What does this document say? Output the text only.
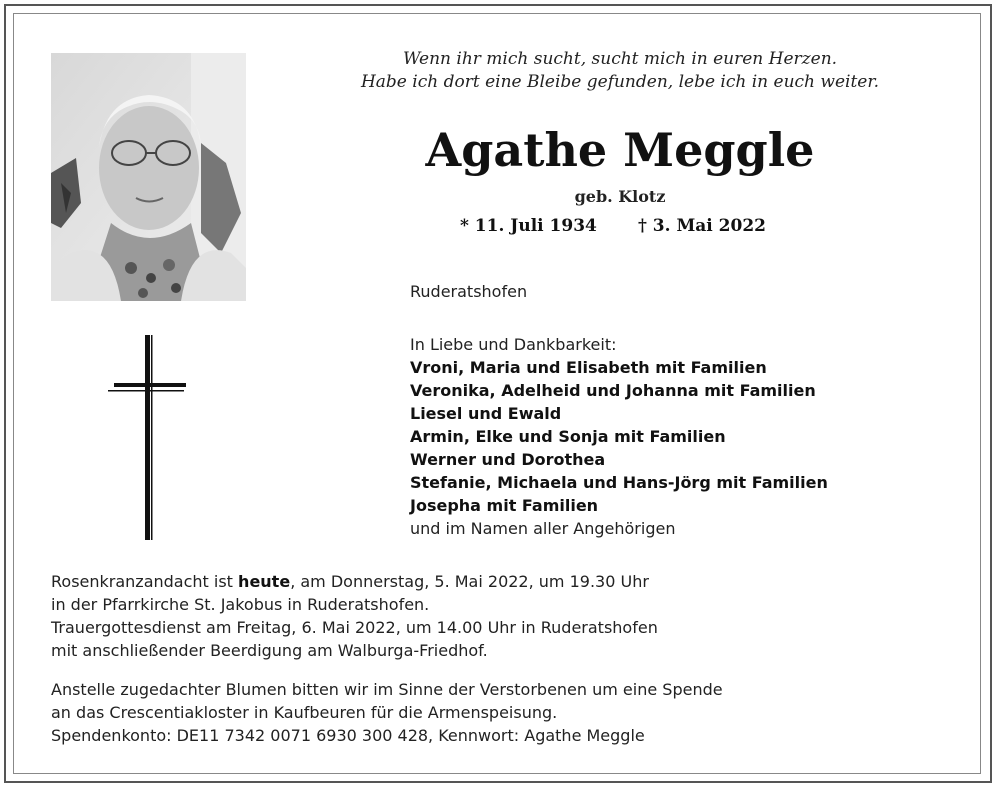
Wenn ihr mich sucht, sucht mich in euren Herzen.
Habe ich dort eine Bleibe gefunden, lebe ich in euch weiter.
Agathe Meggle
geb. Klotz
* 11. Juli 1934 † 3. Mai 2022
Ruderatshofen
In Liebe und Dankbarkeit:
Vroni, Maria und Elisabeth mit Familien
Veronika, Adelheid und Johanna mit Familien
Liesel und Ewald
Armin, Elke und Sonja mit Familien
Werner und Dorothea
Stefanie, Michaela und Hans-Jörg mit Familien
Josepha mit Familien
und im Namen aller Angehörigen
Rosenkranzandacht ist heute, am Donnerstag, 5. Mai 2022, um 19.30 Uhr
in der Pfarrkirche St. Jakobus in Ruderatshofen.
Trauergottesdienst am Freitag, 6. Mai 2022, um 14.00 Uhr in Ruderatshofen
mit anschließender Beerdigung am Walburga-Friedhof.
Anstelle zugedachter Blumen bitten wir im Sinne der Verstorbenen um eine Spende
an das Crescentiakloster in Kaufbeuren für die Armenspeisung.
Spendenkonto: DE11 7342 0071 6930 300 428, Kennwort: Agathe Meggle
